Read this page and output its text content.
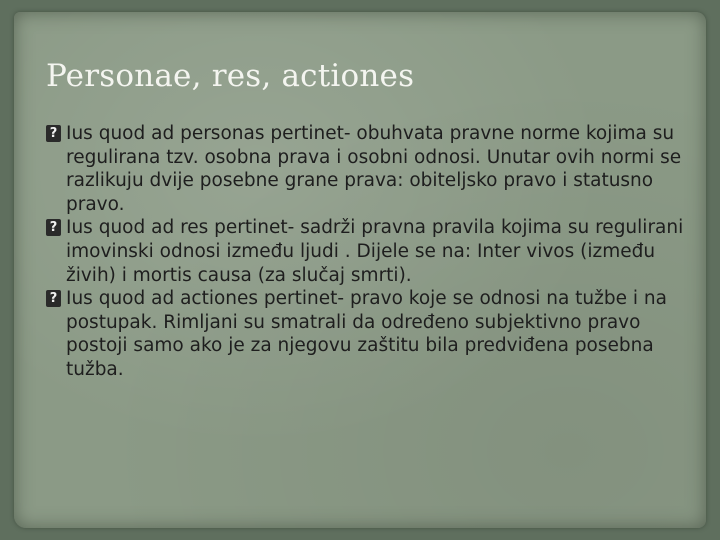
Personae, res, actiones

? Ius quod ad personas pertinet- obuhvata pravne norme kojima su regulirana tzv. osobna prava i osobni odnosi. Unutar ovih normi se razlikuju dvije posebne grane prava: obiteljsko pravo i statusno pravo.

? Ius quod ad res pertinet- sadrži pravna pravila kojima su regulirani imovinski odnosi između ljudi . Dijele se na: Inter vivos (između živih) i mortis causa (za slučaj smrti).

? Ius quod ad actiones pertinet- pravo koje se odnosi na tužbe i na postupak. Rimljani su smatrali da određeno subjektivno pravo postoji samo ako je za njegovu zaštitu bila predviđena posebna tužba.
